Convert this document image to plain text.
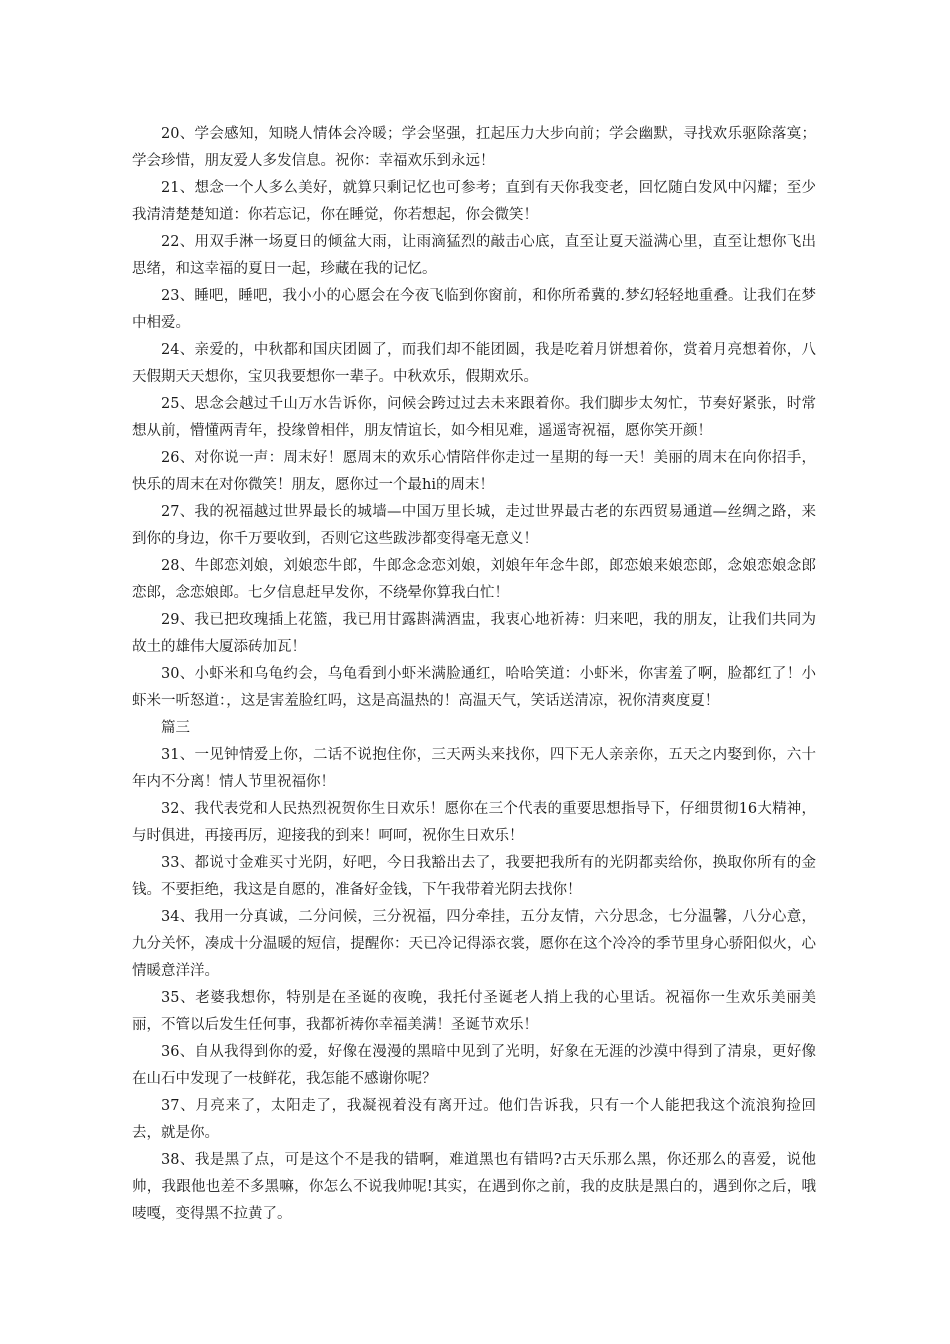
20、学会感知，知晓人情体会冷暖；学会坚强，扛起压力大步向前；学会幽默，寻找欢乐驱除落寞；学会珍惜，朋友爱人多发信息。祝你：幸福欢乐到永远！

21、想念一个人多么美好，就算只剩记忆也可参考；直到有天你我变老，回忆随白发风中闪耀；至少我清清楚楚知道：你若忘记，你在睡觉，你若想起，你会微笑！

22、用双手淋一场夏日的倾盆大雨，让雨滴猛烈的敲击心底，直至让夏天溢满心里，直至让想你飞出思绪，和这幸福的夏日一起，珍藏在我的记忆。

23、睡吧，睡吧，我小小的心愿会在今夜飞临到你窗前，和你所希冀的.梦幻轻轻地重叠。让我们在梦中相爱。

24、亲爱的，中秋都和国庆团圆了，而我们却不能团圆，我是吃着月饼想着你，赏着月亮想着你，八天假期天天想你，宝贝我要想你一辈子。中秋欢乐，假期欢乐。

25、思念会越过千山万水告诉你，问候会跨过过去未来跟着你。我们脚步太匆忙，节奏好紧张，时常想从前，懵懂两青年，投缘曾相伴，朋友情谊长，如今相见难，遥遥寄祝福，愿你笑开颜！

26、对你说一声：周末好！愿周末的欢乐心情陪伴你走过一星期的每一天！美丽的周末在向你招手，快乐的周末在对你微笑！朋友，愿你过一个最hi的周末！

27、我的祝福越过世界最长的城墙—中国万里长城，走过世界最古老的东西贸易通道—丝绸之路，来到你的身边，你千万要收到，否则它这些跋涉都变得毫无意义！

28、牛郎恋刘娘，刘娘恋牛郎，牛郎念念恋刘娘，刘娘年年念牛郎，郎恋娘来娘恋郎，念娘恋娘念郎恋郎，念恋娘郎。七夕信息赶早发你，不绕晕你算我白忙！

29、我已把玫瑰插上花篮，我已用甘露斟满酒盅，我衷心地祈祷：归来吧，我的朋友，让我们共同为故土的雄伟大厦添砖加瓦！

30、小虾米和乌龟约会，乌龟看到小虾米满脸通红，哈哈笑道：小虾米，你害羞了啊，脸都红了！小虾米一听怒道：，这是害羞脸红吗，这是高温热的！高温天气，笑话送清凉，祝你清爽度夏！

篇三

31、一见钟情爱上你，二话不说抱住你，三天两头来找你，四下无人亲亲你，五天之内娶到你，六十年内不分离！情人节里祝福你！

32、我代表党和人民热烈祝贺你生日欢乐！愿你在三个代表的重要思想指导下，仔细贯彻16大精神，与时俱进，再接再厉，迎接我的到来！呵呵，祝你生日欢乐！

33、都说寸金难买寸光阴，好吧，今日我豁出去了，我要把我所有的光阴都卖给你，换取你所有的金钱。不要拒绝，我这是自愿的，准备好金钱，下午我带着光阴去找你！

34、我用一分真诚，二分问候，三分祝福，四分牵挂，五分友情，六分思念，七分温馨，八分心意，九分关怀，凑成十分温暖的短信，提醒你：天已冷记得添衣裳，愿你在这个冷冷的季节里身心骄阳似火，心情暖意洋洋。

35、老婆我想你，特别是在圣诞的夜晚，我托付圣诞老人捎上我的心里话。祝福你一生欢乐美丽美丽，不管以后发生任何事，我都祈祷你幸福美满！圣诞节欢乐！

36、自从我得到你的爱，好像在漫漫的黑暗中见到了光明，好象在无涯的沙漠中得到了清泉，更好像在山石中发现了一枝鲜花，我怎能不感谢你呢？

37、月亮来了，太阳走了，我凝视着没有离开过。他们告诉我，只有一个人能把我这个流浪狗捡回去，就是你。

38、我是黑了点，可是这个不是我的错啊，难道黑也有错吗?古天乐那么黑，你还那么的喜爱，说他帅，我跟他也差不多黑嘛，你怎么不说我帅呢!其实，在遇到你之前，我的皮肤是黑白的，遇到你之后，哦唛嘎，变得黑不拉黄了。
